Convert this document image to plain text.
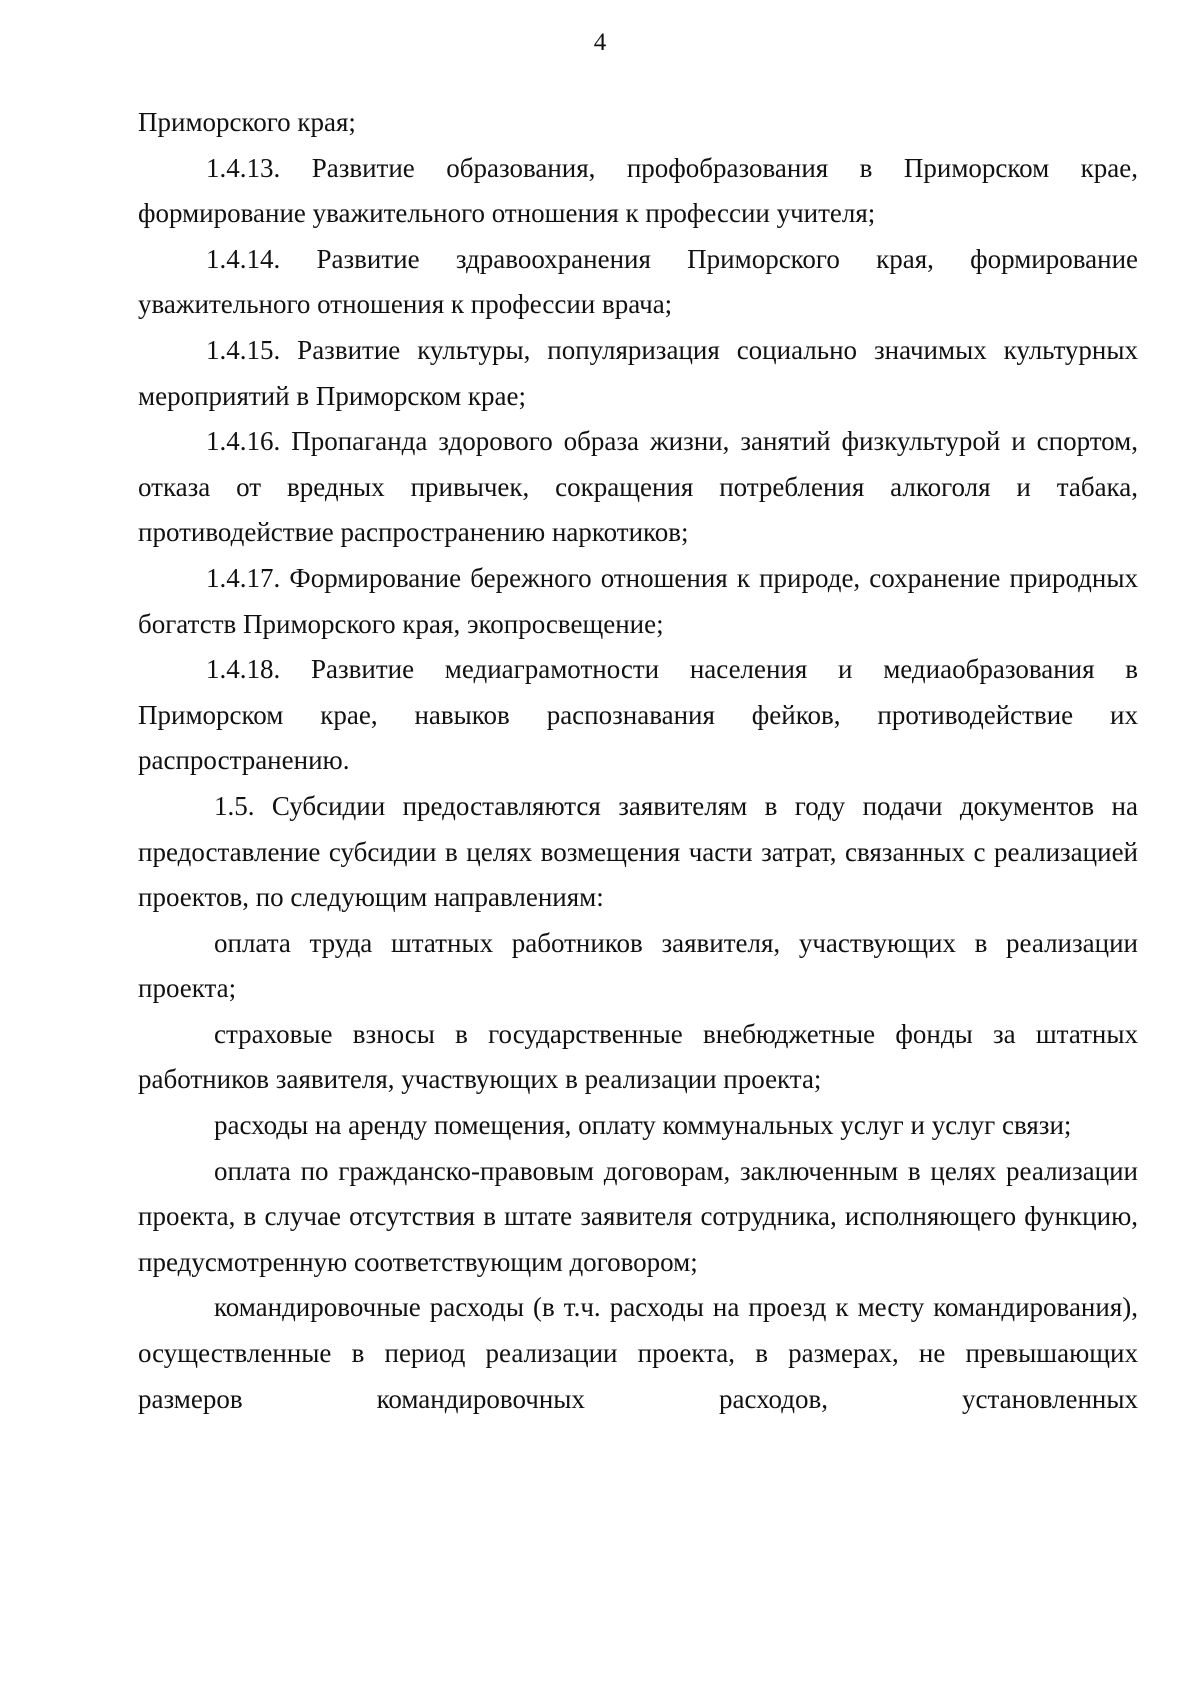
4

Приморского края;

1.4.13. Развитие образования, профобразования в Приморском крае, формирование уважительного отношения к профессии учителя;

1.4.14. Развитие здравоохранения Приморского края, формирование уважительного отношения к профессии врача;

1.4.15. Развитие культуры, популяризация социально значимых культурных мероприятий в Приморском крае;

1.4.16. Пропаганда здорового образа жизни, занятий физкультурой и спортом, отказа от вредных привычек, сокращения потребления алкоголя и табака, противодействие распространению наркотиков;

1.4.17. Формирование бережного отношения к природе, сохранение природных богатств Приморского края, экопросвещение;

1.4.18. Развитие медиаграмотности населения и медиаобразования в Приморском крае, навыков распознавания фейков, противодействие их распространению.

1.5. Субсидии предоставляются заявителям в году подачи документов на предоставление субсидии в целях возмещения части затрат, связанных с реализацией проектов, по следующим направлениям:

оплата труда штатных работников заявителя, участвующих в реализации проекта;

страховые взносы в государственные внебюджетные фонды за штатных работников заявителя, участвующих в реализации проекта;

расходы на аренду помещения, оплату коммунальных услуг и услуг связи;

оплата по гражданско-правовым договорам, заключенным в целях реализации проекта, в случае отсутствия в штате заявителя сотрудника, исполняющего функцию, предусмотренную соответствующим договором;

командировочные расходы (в т.ч. расходы на проезд к месту командирования), осуществленные в период реализации проекта, в размерах, не превышающих размеров командировочных расходов, установленных
